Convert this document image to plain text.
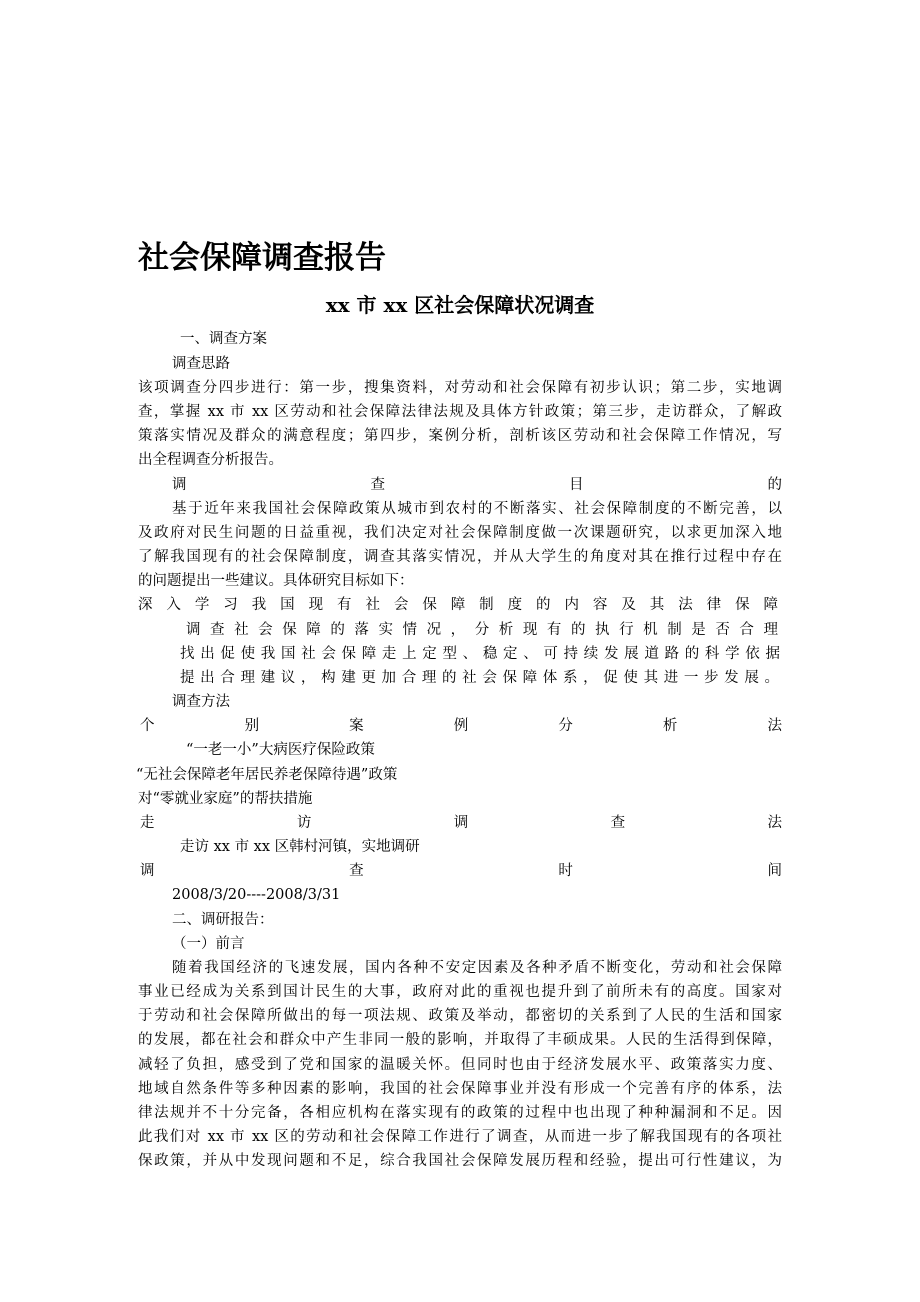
社会保障调查报告
xx 市 xx 区社会保障状况调查
一、调查方案
调查思路
该项调查分四步进行：第一步，搜集资料，对劳动和社会保障有初步认识；第二步，实地调
查，掌握 xx 市 xx 区劳动和社会保障法律法规及具体方针政策；第三步，走访群众，了解政
策落实情况及群众的满意程度；第四步，案例分析，剖析该区劳动和社会保障工作情况，写
出全程调查分析报告。
调	查	目	的
基于近年来我国社会保障政策从城市到农村的不断落实、社会保障制度的不断完善，以
及政府对民生问题的日益重视，我们决定对社会保障制度做一次课题研究，以求更加深入地
了解我国现有的社会保障制度，调查其落实情况，并从大学生的角度对其在推行过程中存在
的问题提出一些建议。具体研究目标如下：
深入学习我国现有社会保障制度的内容及其法律保障
调查社会保障的落实情况，分析现有的执行机制是否合理
找出促使我国社会保障走上定型、稳定、可持续发展道路的科学依据
提出合理建议，构建更加合理的社会保障体系，促使其进一步发展。
调查方法
个	别	案	例	分	析	法
“一老一小”大病医疗保险政策
“无社会保障老年居民养老保障待遇”政策
对“零就业家庭”的帮扶措施
走	访	调	查	法
走访 xx 市 xx 区韩村河镇，实地调研
调	查	时	间
2008/3/20----2008/3/31
二、调研报告：
（一）前言
随着我国经济的飞速发展，国内各种不安定因素及各种矛盾不断变化，劳动和社会保障
事业已经成为关系到国计民生的大事，政府对此的重视也提升到了前所未有的高度。国家对
于劳动和社会保障所做出的每一项法规、政策及举动，都密切的关系到了人民的生活和国家
的发展，都在社会和群众中产生非同一般的影响，并取得了丰硕成果。人民的生活得到保障，
减轻了负担，感受到了党和国家的温暖关怀。但同时也由于经济发展水平、政策落实力度、
地域自然条件等多种因素的影响，我国的社会保障事业并没有形成一个完善有序的体系，法
律法规并不十分完备，各相应机构在落实现有的政策的过程中也出现了种种漏洞和不足。因
此我们对 xx 市 xx 区的劳动和社会保障工作进行了调查，从而进一步了解我国现有的各项社
保政策，并从中发现问题和不足，综合我国社会保障发展历程和经验，提出可行性建议，为
